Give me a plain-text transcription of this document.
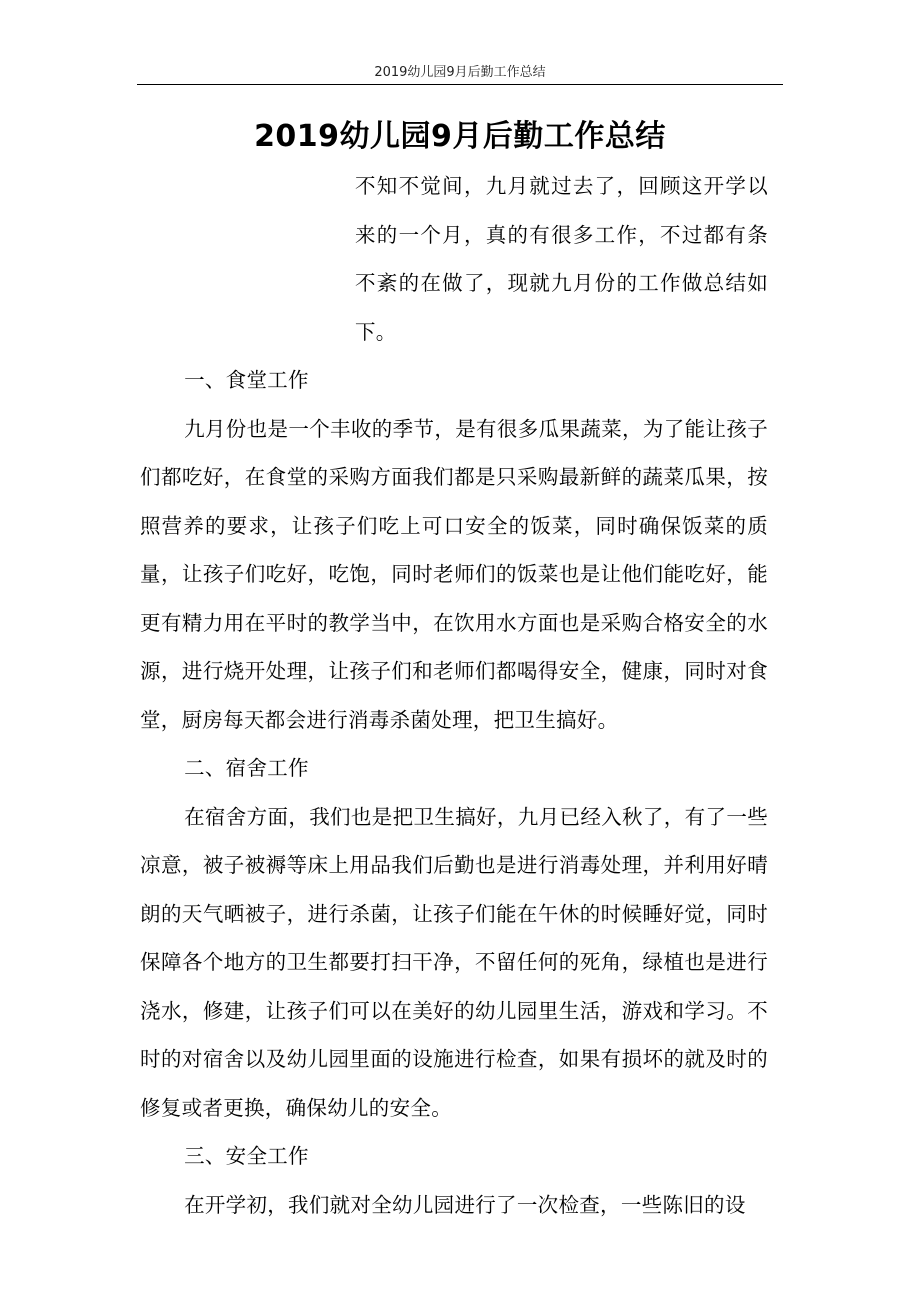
2019幼儿园9月后勤工作总结
2019幼儿园9月后勤工作总结

不知不觉间，九月就过去了，回顾这开学以来的一个月，真的有很多工作，不过都有条不紊的在做了，现就九月份的工作做总结如下。

一、食堂工作

九月份也是一个丰收的季节，是有很多瓜果蔬菜，为了能让孩子们都吃好，在食堂的采购方面我们都是只采购最新鲜的蔬菜瓜果，按照营养的要求，让孩子们吃上可口安全的饭菜，同时确保饭菜的质量，让孩子们吃好，吃饱，同时老师们的饭菜也是让他们能吃好，能更有精力用在平时的教学当中，在饮用水方面也是采购合格安全的水源，进行烧开处理，让孩子们和老师们都喝得安全，健康，同时对食堂，厨房每天都会进行消毒杀菌处理，把卫生搞好。

二、宿舍工作

在宿舍方面，我们也是把卫生搞好，九月已经入秋了，有了一些凉意，被子被褥等床上用品我们后勤也是进行消毒处理，并利用好晴朗的天气晒被子，进行杀菌，让孩子们能在午休的时候睡好觉，同时保障各个地方的卫生都要打扫干净，不留任何的死角，绿植也是进行浇水，修建，让孩子们可以在美好的幼儿园里生活，游戏和学习。不时的对宿舍以及幼儿园里面的设施进行检查，如果有损坏的就及时的修复或者更换，确保幼儿的安全。

三、安全工作

在开学初，我们就对全幼儿园进行了一次检查，一些陈旧的设
